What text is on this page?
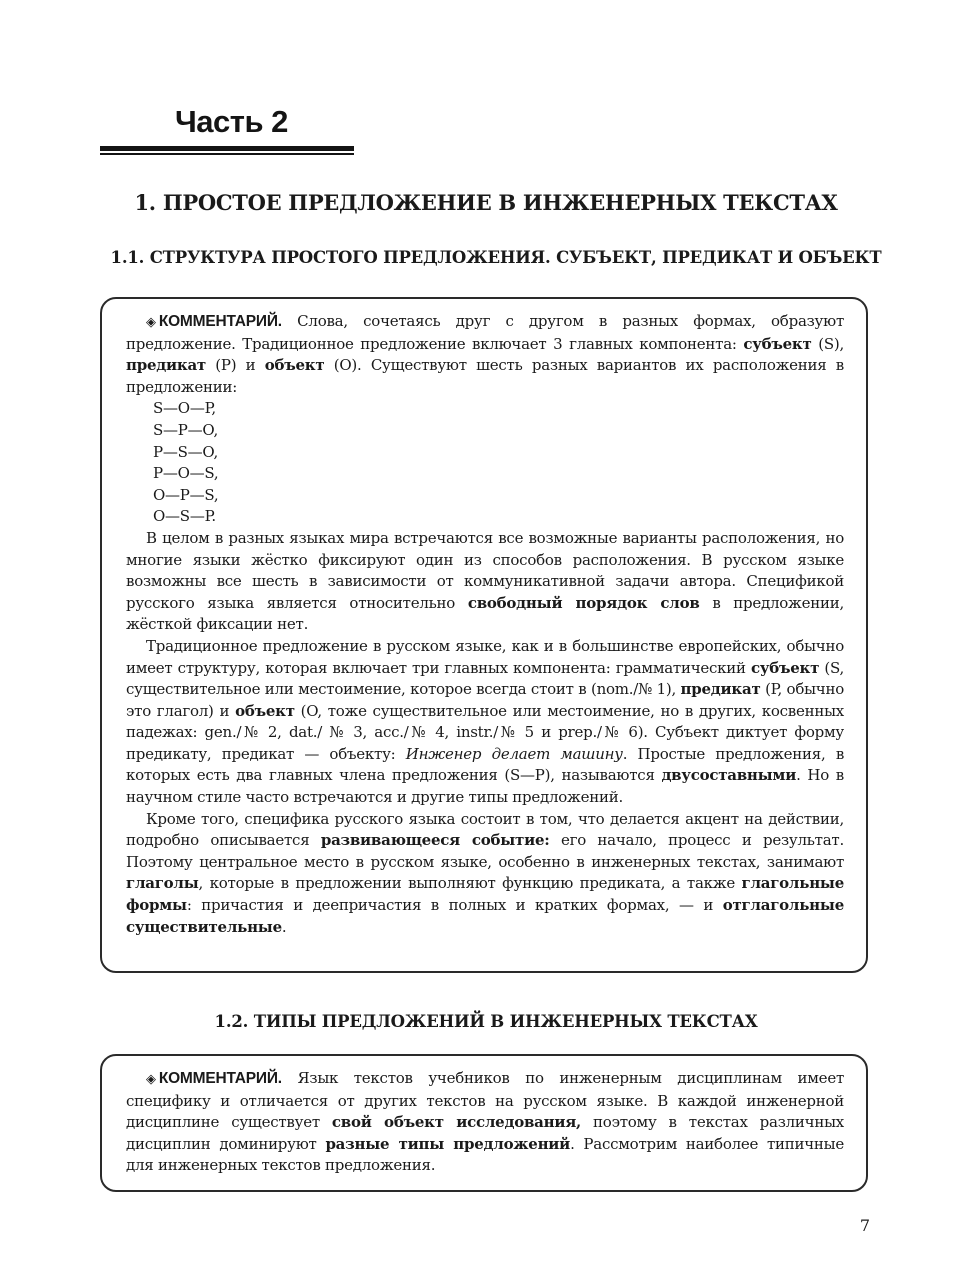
Часть 2
1. ПРОСТОЕ ПРЕДЛОЖЕНИЕ В ИНЖЕНЕРНЫХ ТЕКСТАХ
1.1. СТРУКТУРА ПРОСТОГО ПРЕДЛОЖЕНИЯ. СУБЪЕКТ, ПРЕДИКАТ И ОБЪЕКТ

◈ КОММЕНТАРИЙ. Слова, сочетаясь друг с другом в разных формах, образуют предложение. Традиционное предложение включает 3 главных компонента: субъект (S), предикат (P) и объект (O). Существуют шесть разных вариантов их расположения в предложении:

S—O—P,
S—P—O,
P—S—O,
P—O—S,
O—P—S,
O—S—P.

В целом в разных языках мира встречаются все возможные варианты расположения, но многие языки жёстко фиксируют один из способов расположения. В русском языке возможны все шесть в зависимости от коммуникативной задачи автора. Спецификой русского языка является относительно свободный порядок слов в предложении, жёсткой фиксации нет.

Традиционное предложение в русском языке, как и в большинстве европейских, обычно имеет структуру, которая включает три главных компонента: грамматический субъект (S, существительное или местоимение, которое всегда стоит в (nom./№ 1), предикат (P, обычно это глагол) и объект (O, тоже существительное или местоимение, но в других, косвенных падежах: gen./№ 2, dat./ № 3, acc./№ 4, instr./№ 5 и prep./№ 6). Субъект диктует форму предикату, предикат — объекту: Инженер делает машину. Простые предложения, в которых есть два главных члена предложения (S—P), называются двусоставными. Но в научном стиле часто встречаются и другие типы предложений.

Кроме того, специфика русского языка состоит в том, что делается акцент на действии, подробно описывается развивающееся событие: его начало, процесс и результат. Поэтому центральное место в русском языке, особенно в инженерных текстах, занимают глаголы, которые в предложении выполняют функцию предиката, а также глагольные формы: причастия и деепричастия в полных и кратких формах, — и отглагольные существительные.

1.2. ТИПЫ ПРЕДЛОЖЕНИЙ В ИНЖЕНЕРНЫХ ТЕКСТАХ

◈ КОММЕНТАРИЙ. Язык текстов учебников по инженерным дисциплинам имеет специфику и отличается от других текстов на русском языке. В каждой инженерной дисциплине существует свой объект исследования, поэтому в текстах различных дисциплин доминируют разные типы предложений. Рассмотрим наиболее типичные для инженерных текстов предложения.

7
